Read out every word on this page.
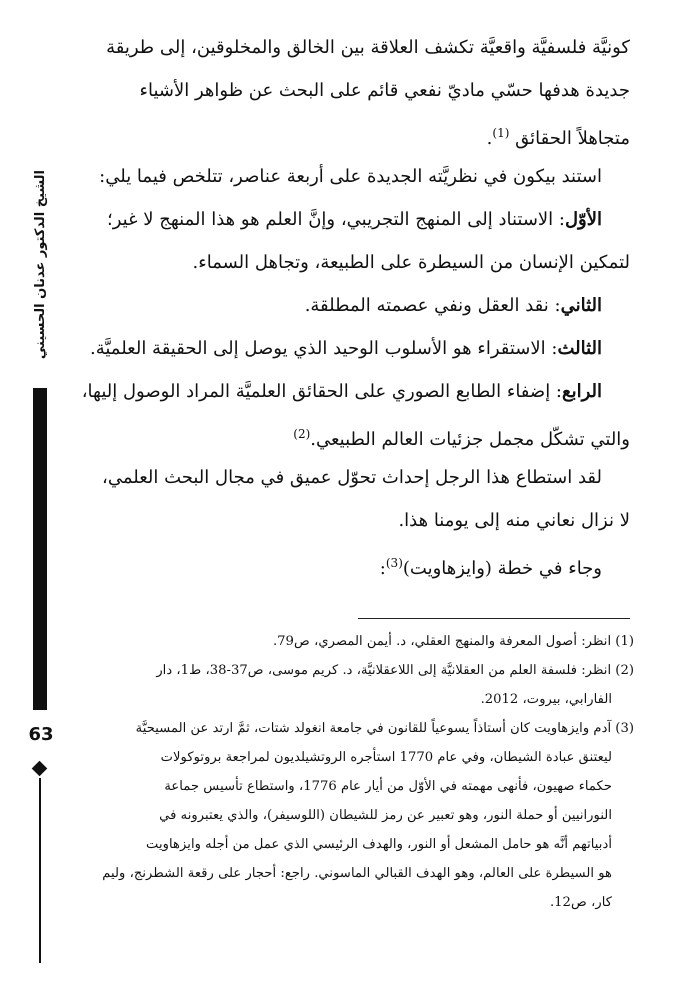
الشيخ الدكتور عدنان الحسيني
63
كونيَّة فلسفيَّة واقعيَّة تكشف العلاقة بين الخالق والمخلوقين، إلى طريقة
جديدة هدفها حسّي ماديّ نفعي قائم على البحث عن ظواهر الأشياء
متجاهلاً الحقائق $^{(1)}$.
استند بيكون في نظريَّته الجديدة على أربعة عناصر، تتلخص فيما يلي:
الأوّل: الاستناد إلى المنهج التجريبي، وإنَّ العلم هو هذا المنهج لا غير؛
لتمكين الإنسان من السيطرة على الطبيعة، وتجاهل السماء.
الثاني: نقد العقل ونفي عصمته المطلقة.
الثالث: الاستقراء هو الأسلوب الوحيد الذي يوصل إلى الحقيقة العلميَّة.
الرابع: إضفاء الطابع الصوري على الحقائق العلميَّة المراد الوصول إليها،
والتي تشكّل مجمل جزئيات العالم الطبيعي.$^{(2)}$
لقد استطاع هذا الرجل إحداث تحوّل عميق في مجال البحث العلمي،
لا نزال نعاني منه إلى يومنا هذا.
وجاء في خطة (وايزهاويت)$^{(3)}$:
(1) انظر: أصول المعرفة والمنهج العقلي، د. أيمن المصري، ص79.
(2) انظر: فلسفة العلم من العقلانيَّة إلى اللاعقلانيَّة، د. كريم موسى، ص37-38، ط1، دار
الفارابي، بيروت، 2012.
(3) آدم وايزهاويت كان أستاذاً يسوعياً للقانون في جامعة انغولد شتات، ثمَّ ارتد عن المسيحيَّة
ليعتنق عبادة الشيطان، وفي عام 1770 استأجره الروتشيلديون لمراجعة بروتوكولات
حكماء صهيون، فأنهى مهمته في الأوّل من أيار عام 1776، واستطاع تأسيس جماعة
النورانيين أو حملة النور، وهو تعبير عن رمز للشيطان (اللوسيفر)، والذي يعتبرونه في
أدبياتهم أنَّه هو حامل المشعل أو النور، والهدف الرئيسي الذي عمل من أجله وايزهاويت
هو السيطرة على العالم، وهو الهدف القبالي الماسوني. راجع: أحجار على رقعة الشطرنج، وليم
كار، ص12.
